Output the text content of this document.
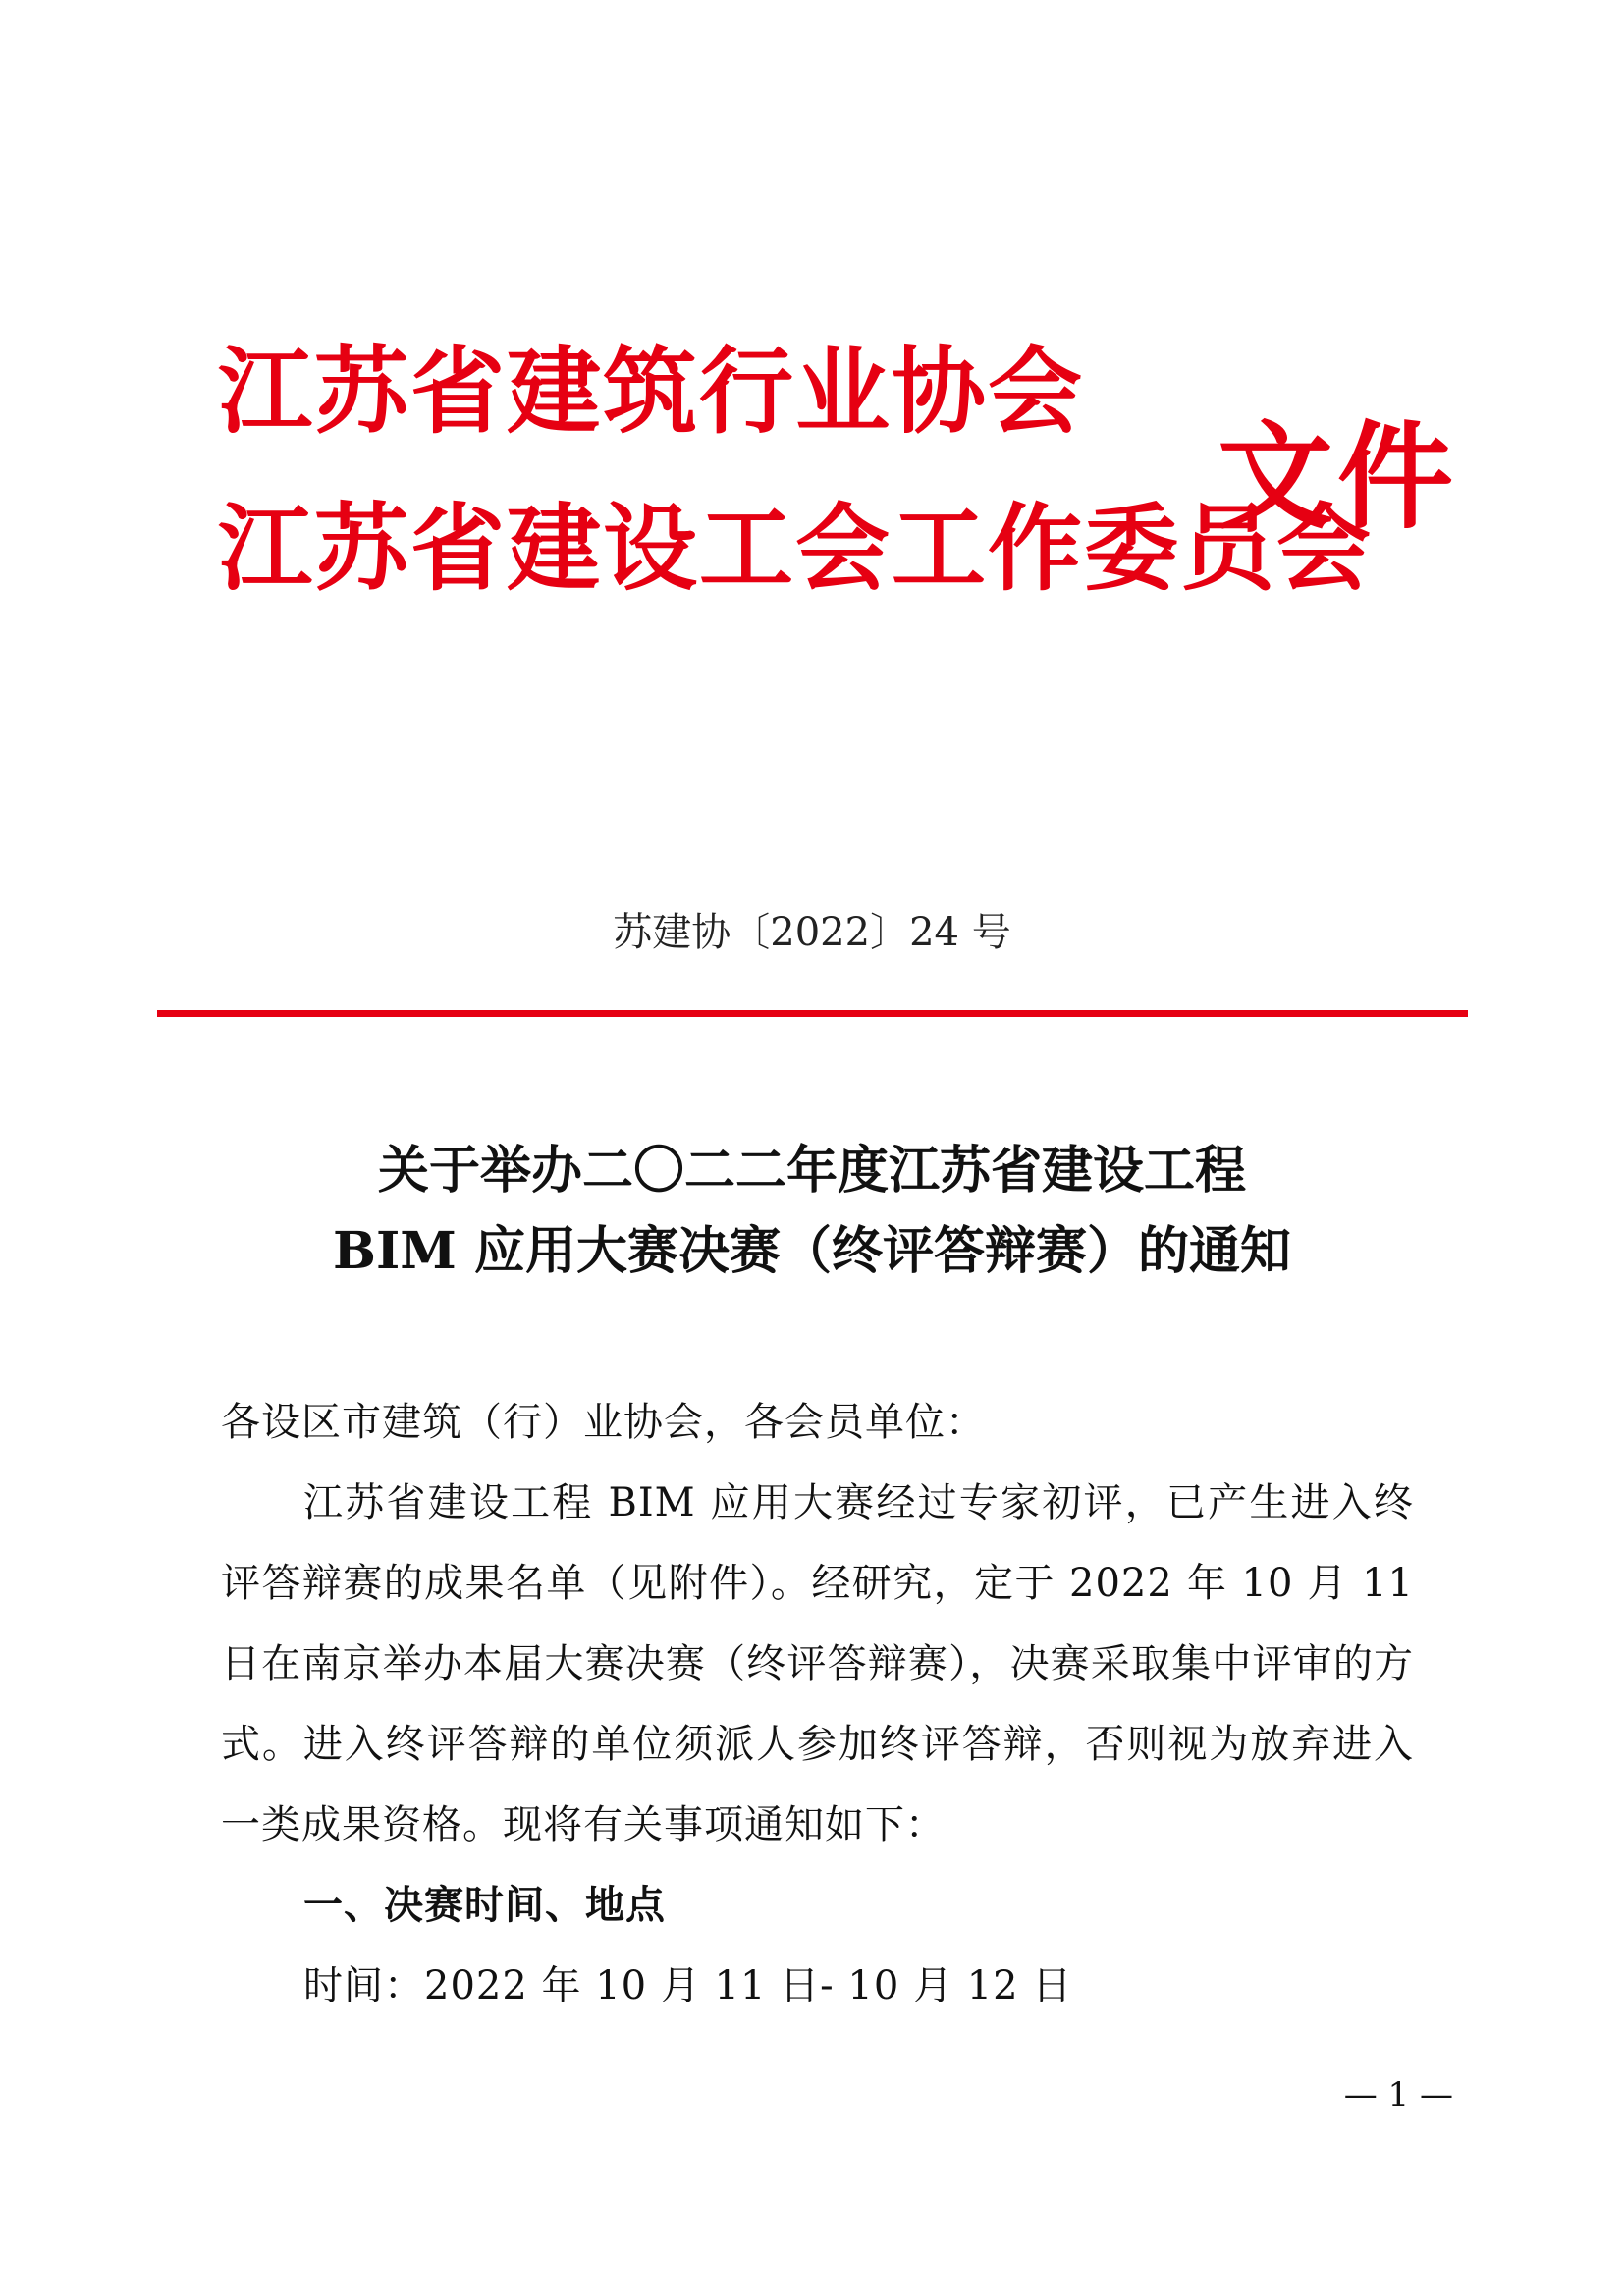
江苏省建筑行业协会
江苏省建设工会工作委员会
文件
苏建协〔2022〕24 号
关于举办二〇二二年度江苏省建设工程
BIM 应用大赛决赛（终评答辩赛）的通知

各设区市建筑（行）业协会，各会员单位：

江苏省建设工程 BIM 应用大赛经过专家初评，已产生进入终评答辩赛的成果名单（见附件）。经研究，定于 2022 年 10 月 11 日在南京举办本届大赛决赛（终评答辩赛），决赛采取集中评审的方式。进入终评答辩的单位须派人参加终评答辩，否则视为放弃进入一类成果资格。现将有关事项通知如下：

一、决赛时间、地点

时间：2022 年 10 月 11 日- 10 月 12 日

— 1 —
